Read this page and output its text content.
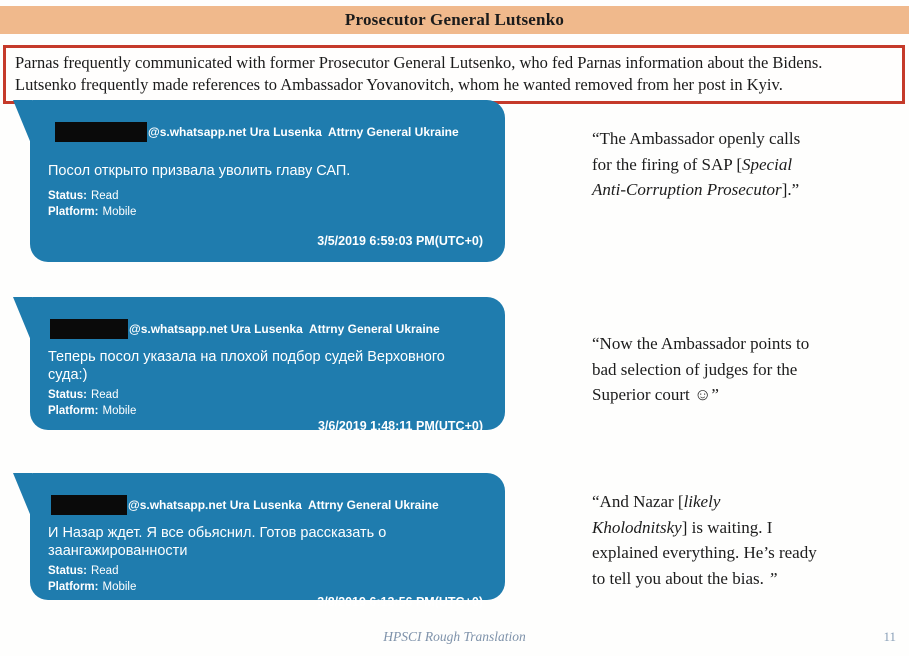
Prosecutor General Lutsenko
Parnas frequently communicated with former Prosecutor General Lutsenko, who fed Parnas information about the Bidens.
Lutsenko frequently made references to Ambassador Yovanovitch, whom he wanted removed from her post in Kyiv.
@s.whatsapp.net Ura Lusenka  Attrny General Ukraine
Посол открыто призвала уволить главу САП.
Status: Read
Platform: Mobile
3/5/2019 6:59:03 PM(UTC+0)
“The Ambassador openly calls
for the firing of SAP [Special
Anti-Corruption Prosecutor].”
@s.whatsapp.net Ura Lusenka  Attrny General Ukraine
Теперь посол указала на плохой подбор судей Верховного суда:)
Status: Read
Platform: Mobile
3/6/2019 1:48:11 PM(UTC+0)
“Now the Ambassador points to
bad selection of judges for the
Superior court ☺”
@s.whatsapp.net Ura Lusenka  Attrny General Ukraine
И Назар ждет. Я все обьяснил. Готов рассказать о заангажированности
Status: Read
Platform: Mobile
3/8/2019 6:13:56 PM(UTC+0)
“And Nazar [likely
Kholodnitsky] is waiting. I
explained everything. He’s ready
to tell you about the bias. ”
HPSCI Rough Translation	11
